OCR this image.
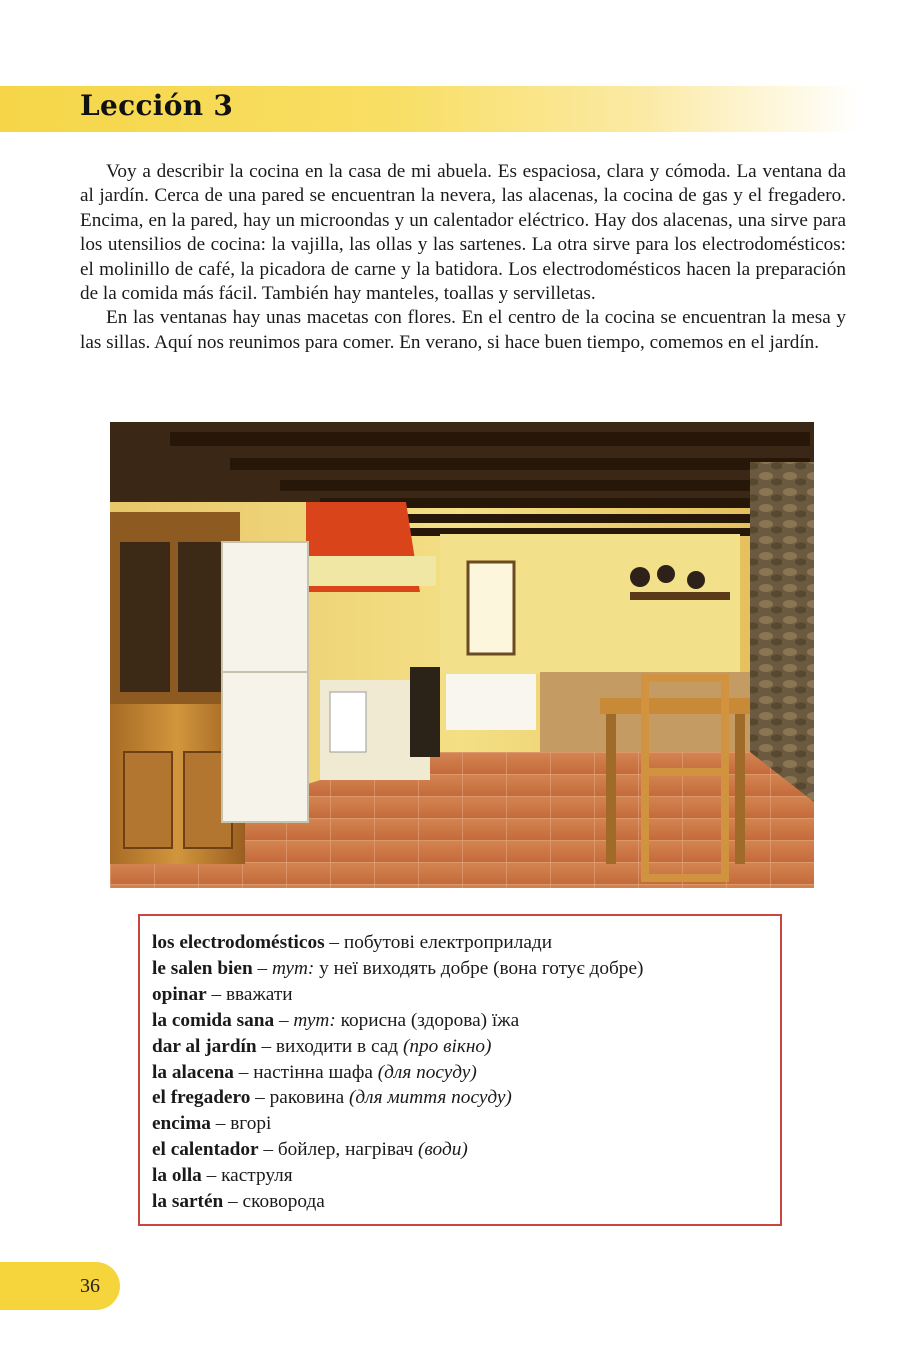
Lección 3

Voy a describir la cocina en la casa de mi abuela. Es espaciosa, clara y cómoda. La ventana da al jardín. Cerca de una pared se encuentran la nevera, las alacenas, la cocina de gas y el fregadero. Encima, en la pared, hay un microondas y un calentador eléctrico. Hay dos alacenas, una sirve para los utensilios de cocina: la vajilla, las ollas y las sartenes. La otra sirve para los electrodomésticos: el molinillo de café, la picadora de carne y la batidora. Los electrodomésticos hacen la preparación de la comida más fácil. También hay manteles, toallas y servilletas.

En las ventanas hay unas macetas con flores. En el centro de la cocina se encuentran la mesa y las sillas. Aquí nos reunimos para comer. En verano, si hace buen tiempo, comemos en el jardín.

los electrodomésticos – побутові електроприлади
le salen bien – тут: у неї виходять добре (вона готує добре)
opinar – вважати
la comida sana – тут: корисна (здорова) їжа
dar al jardín – виходити в сад (про вікно)
la alacena – настінна шафа (для посуду)
el fregadero – раковина (для миття посуду)
encima – вгорі
el calentador – бойлер, нагрівач (води)
la olla – каструля
la sartén – сковорода
36
